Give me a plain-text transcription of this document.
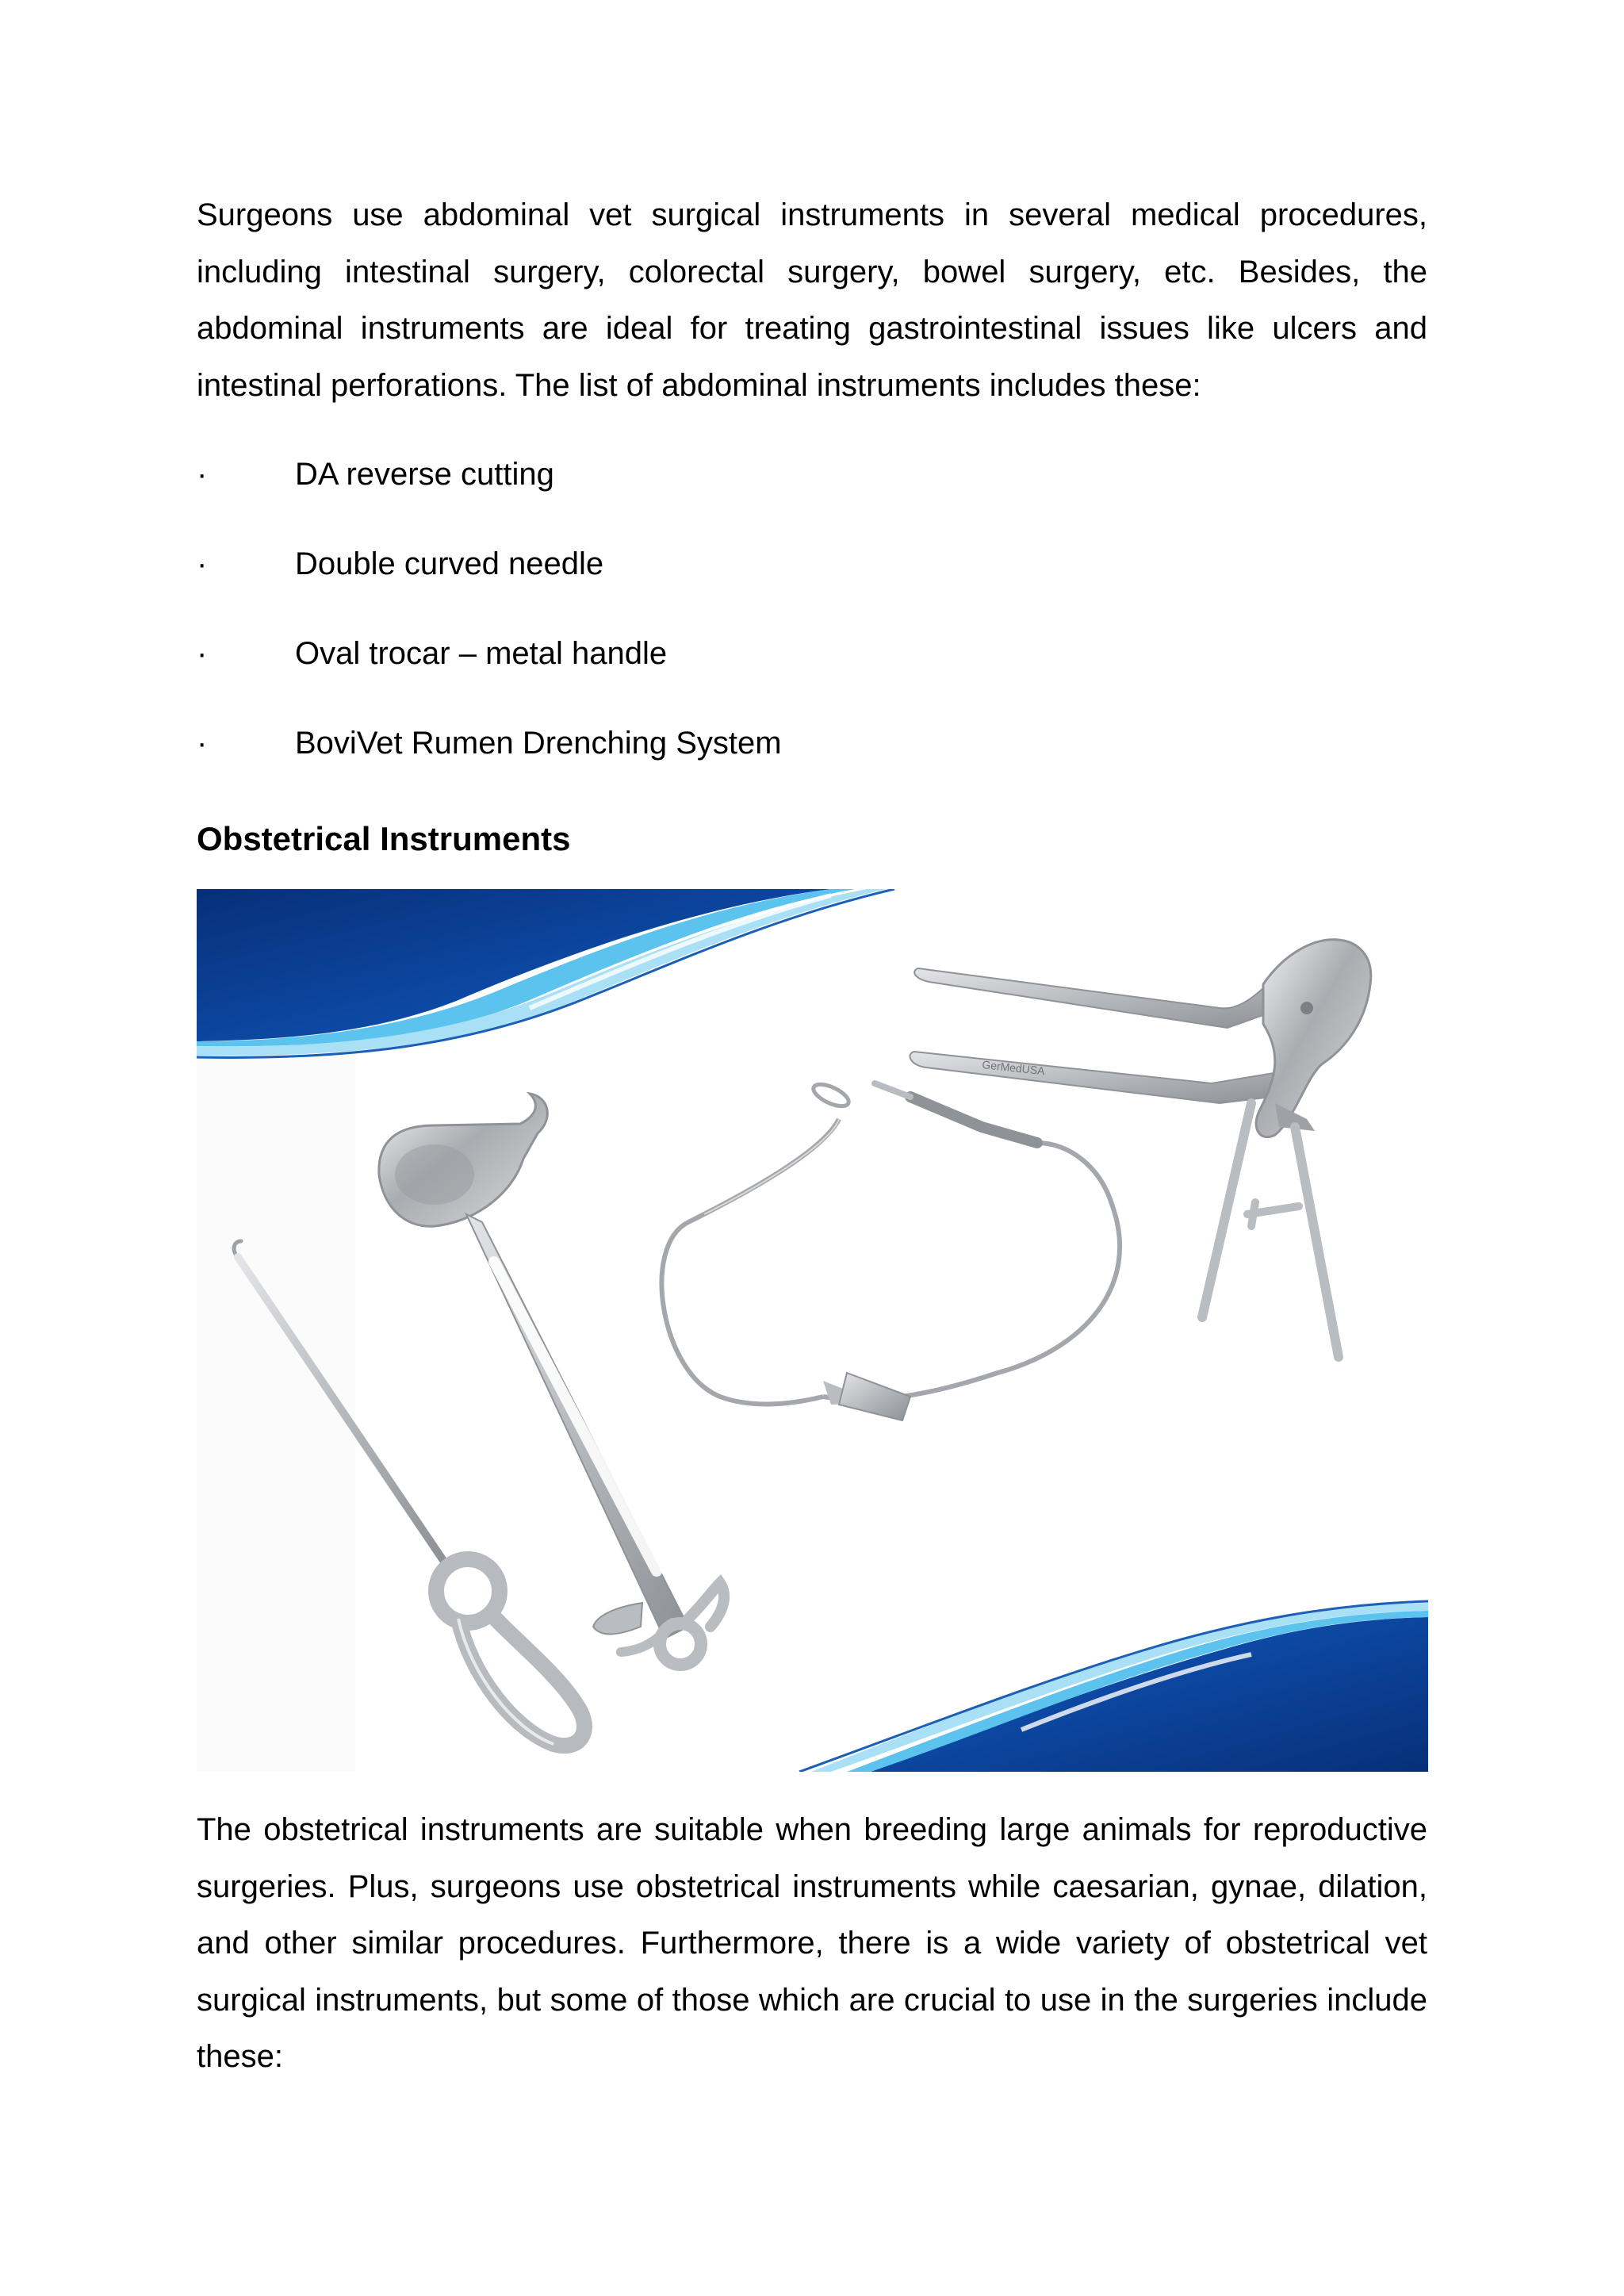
Surgeons use abdominal vet surgical instruments in several medical procedures, including intestinal surgery, colorectal surgery, bowel surgery, etc. Besides, the abdominal instruments are ideal for treating gastrointestinal issues like ulcers and intestinal perforations. The list of abdominal instruments includes these:

·	DA reverse cutting
·	Double curved needle
·	Oval trocar – metal handle
·	BoviVet Rumen Drenching System
Obstetrical Instruments
GerMedUSA

The obstetrical instruments are suitable when breeding large animals for reproductive surgeries. Plus, surgeons use obstetrical instruments while caesarian, gynae, dilation, and other similar procedures. Furthermore, there is a wide variety of obstetrical vet surgical instruments, but some of those which are crucial to use in the surgeries include these:
